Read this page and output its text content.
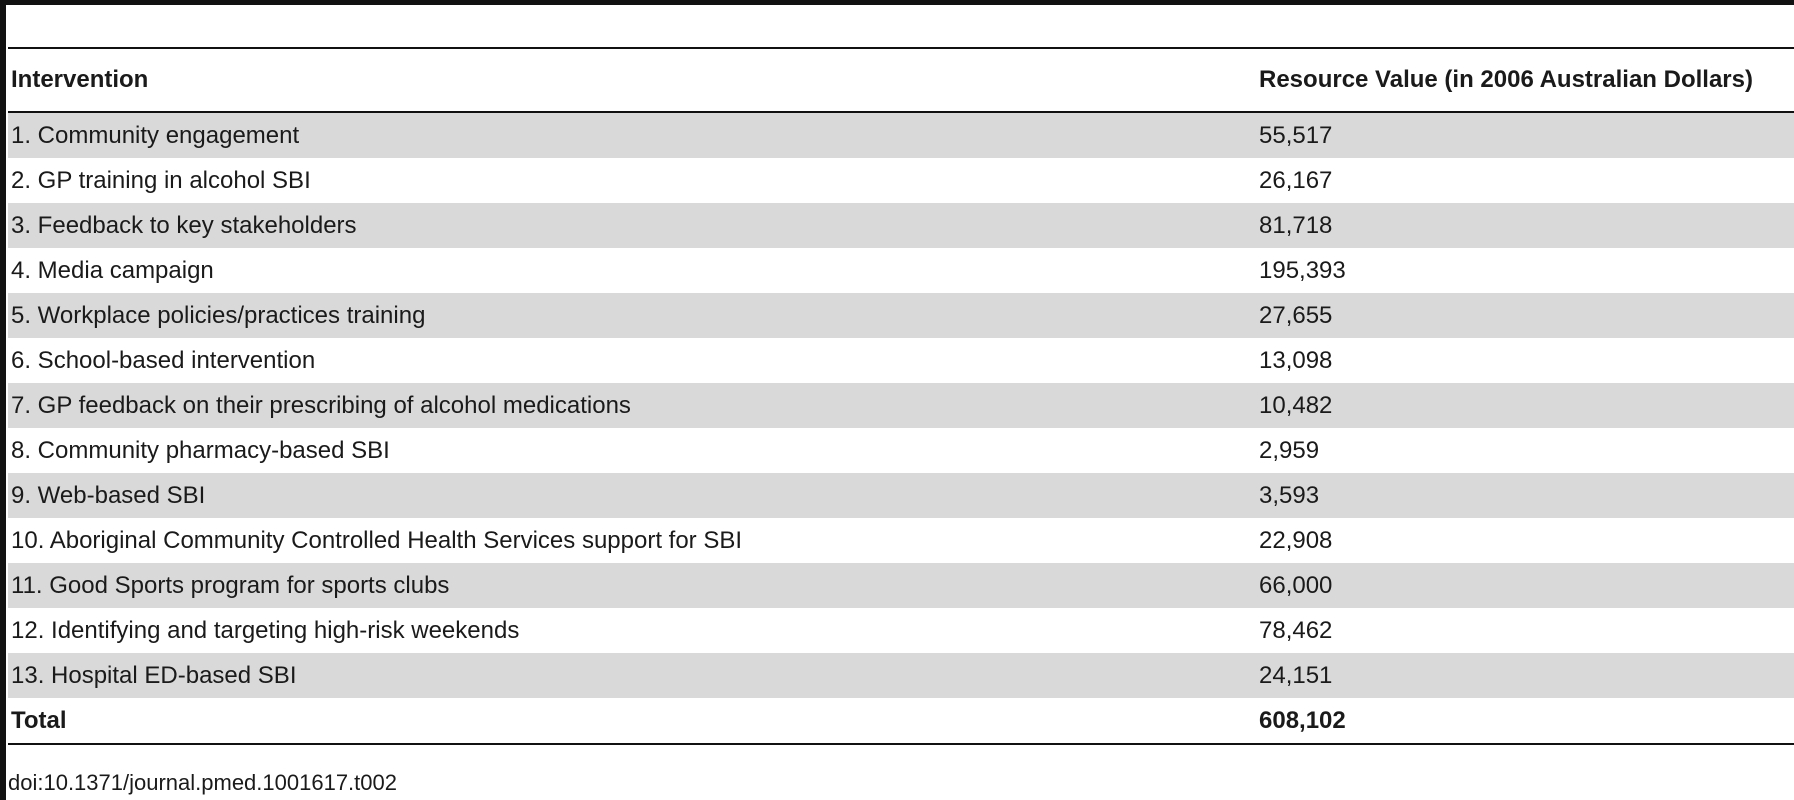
Intervention	Resource Value (in 2006 Australian Dollars)
1. Community engagement	55,517
2. GP training in alcohol SBI	26,167
3. Feedback to key stakeholders	81,718
4. Media campaign	195,393
5. Workplace policies/practices training	27,655
6. School-based intervention	13,098
7. GP feedback on their prescribing of alcohol medications	10,482
8. Community pharmacy-based SBI	2,959
9. Web-based SBI	3,593
10. Aboriginal Community Controlled Health Services support for SBI	22,908
11. Good Sports program for sports clubs	66,000
12. Identifying and targeting high-risk weekends	78,462
13. Hospital ED-based SBI	24,151
Total	608,102
doi:10.1371/journal.pmed.1001617.t002
